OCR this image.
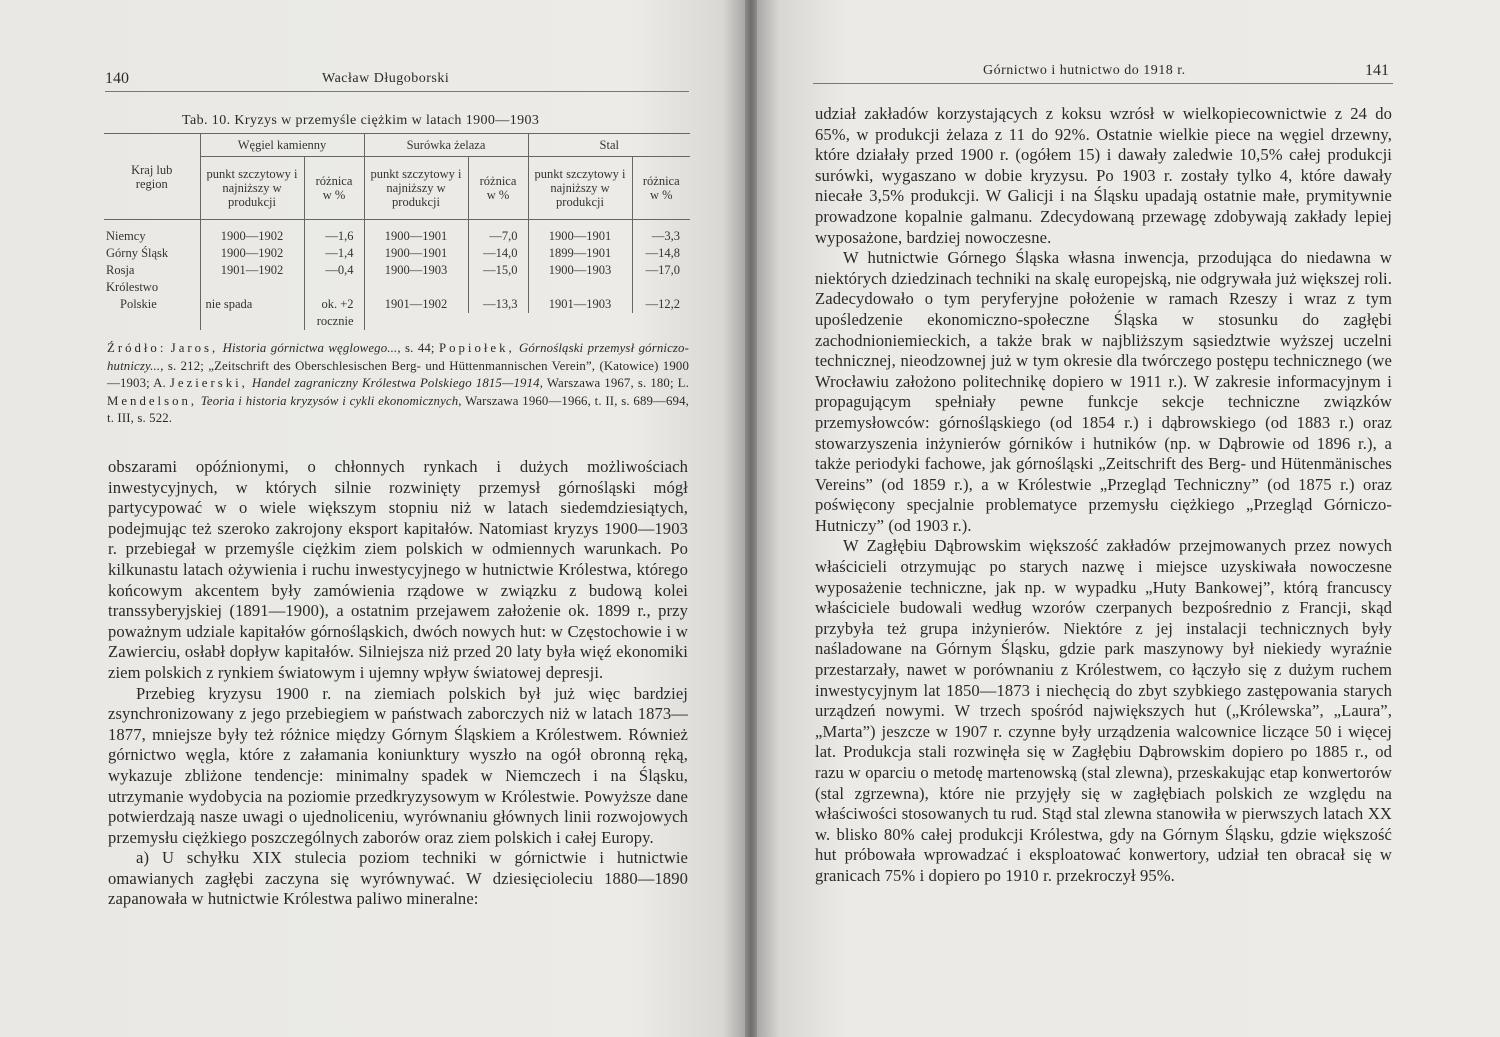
140	Wacław Długoborski
Tab. 10. Kryzys w przemyśle ciężkim w latach 1900—1903
Kraj lub region	Węgiel kamienny		Surówka żelaza		Stal	
	punkt szczytowy i najniższy w produkcji	różnica w %	punkt szczytowy i najniższy w produkcji	różnica w %	punkt szczytowy i najniższy w produkcji	różnica w %
Niemcy	1900—1902	—1,6	1900—1901	—7,0	1900—1901	—3,3
Górny Śląsk	1900—1902	—1,4	1900—1901	—14,0	1899—1901	—14,8
Rosja	1901—1902	—0,4	1900—1903	—15,0	1900—1903	—17,0
Królestwo						
Polskie	nie spada	ok. +2	1901—1902	—13,3	1901—1903	—12,2
		rocznie				
Źródło: Jaros, Historia górnictwa węglowego..., s. 44; Popiołek, Górnośląski przemysł górniczo-hutniczy..., s. 212; „Zeitschrift des Oberschlesischen Berg- und Hüttenmannischen Verein”, (Katowice) 1900—1903; A. Jezierski, Handel zagraniczny Królestwa Polskiego 1815—1914, Warszawa 1967, s. 180; L. Mendelson, Teoria i historia kryzysów i cykli ekonomicznych, Warszawa 1960—1966, t. II, s. 689—694, t. III, s. 522.

obszarami opóźnionymi, o chłonnych rynkach i dużych możliwościach inwestycyjnych, w których silnie rozwinięty przemysł górnośląski mógł partycypować w o wiele większym stopniu niż w latach siedemdziesiątych, podejmując też szeroko zakrojony eksport kapitałów. Natomiast kryzys 1900—1903 r. przebiegał w przemyśle ciężkim ziem polskich w odmiennych warunkach. Po kilkunastu latach ożywienia i ruchu inwestycyjnego w hutnictwie Królestwa, którego końcowym akcentem były zamówienia rządowe w związku z budową kolei transsyberyjskiej (1891—1900), a ostatnim przejawem założenie ok. 1899 r., przy poważnym udziale kapitałów górnośląskich, dwóch nowych hut: w Częstochowie i w Zawierciu, osłabł dopływ kapitałów. Silniejsza niż przed 20 laty była więź ekonomiki ziem polskich z rynkiem światowym i ujemny wpływ światowej depresji.

Przebieg kryzysu 1900 r. na ziemiach polskich był już więc bardziej zsynchronizowany z jego przebiegiem w państwach zaborczych niż w latach 1873—1877, mniejsze były też różnice między Górnym Śląskiem a Królestwem. Również górnictwo węgla, które z załamania koniunktury wyszło na ogół obronną ręką, wykazuje zbliżone tendencje: minimalny spadek w Niemczech i na Śląsku, utrzymanie wydobycia na poziomie przedkryzysowym w Królestwie. Powyższe dane potwierdzają nasze uwagi o ujednoliceniu, wyrównaniu głównych linii rozwojowych przemysłu ciężkiego poszczególnych zaborów oraz ziem polskich i całej Europy.

a) U schyłku XIX stulecia poziom techniki w górnictwie i hutnictwie omawianych zagłębi zaczyna się wyrównywać. W dziesięcioleciu 1880—1890 zapanowała w hutnictwie Królestwa paliwo mineralne:

Górnictwo i hutnictwo do 1918 r.	141

udział zakładów korzystających z koksu wzrósł w wielkopiecownictwie z 24 do 65%, w produkcji żelaza z 11 do 92%. Ostatnie wielkie piece na węgiel drzewny, które działały przed 1900 r. (ogółem 15) i dawały zaledwie 10,5% całej produkcji surówki, wygaszano w dobie kryzysu. Po 1903 r. zostały tylko 4, które dawały niecałe 3,5% produkcji. W Galicji i na Śląsku upadają ostatnie małe, prymitywnie prowadzone kopalnie galmanu. Zdecydowaną przewagę zdobywają zakłady lepiej wyposażone, bardziej nowoczesne.

W hutnictwie Górnego Śląska własna inwencja, przodująca do niedawna w niektórych dziedzinach techniki na skalę europejską, nie odgrywała już większej roli. Zadecydowało o tym peryferyjne położenie w ramach Rzeszy i wraz z tym upośledzenie ekonomiczno-społeczne Śląska w stosunku do zagłębi zachodnioniemieckich, a także brak w najbliższym sąsiedztwie wyższej uczelni technicznej, nieodzownej już w tym okresie dla twórczego postępu technicznego (we Wrocławiu założono politechnikę dopiero w 1911 r.). W zakresie informacyjnym i propagującym spełniały pewne funkcje sekcje techniczne związków przemysłowców: górnośląskiego (od 1854 r.) i dąbrowskiego (od 1883 r.) oraz stowarzyszenia inżynierów górników i hutników (np. w Dąbrowie od 1896 r.), a także periodyki fachowe, jak górnośląski „Zeitschrift des Berg- und Hütenmänisches Vereins” (od 1859 r.), a w Królestwie „Przegląd Techniczny” (od 1875 r.) oraz poświęcony specjalnie problematyce przemysłu ciężkiego „Przegląd Górniczo-Hutniczy” (od 1903 r.).

W Zagłębiu Dąbrowskim większość zakładów przejmowanych przez nowych właścicieli otrzymując po starych nazwę i miejsce uzyskiwała nowoczesne wyposażenie techniczne, jak np. w wypadku „Huty Bankowej”, którą francuscy właściciele budowali według wzorów czerpanych bezpośrednio z Francji, skąd przybyła też grupa inżynierów. Niektóre z jej instalacji technicznych były naśladowane na Górnym Śląsku, gdzie park maszynowy był niekiedy wyraźnie przestarzały, nawet w porównaniu z Królestwem, co łączyło się z dużym ruchem inwestycyjnym lat 1850—1873 i niechęcią do zbyt szybkiego zastępowania starych urządzeń nowymi. W trzech spośród największych hut („Królewska”, „Laura”, „Marta”) jeszcze w 1907 r. czynne były urządzenia walcownice liczące 50 i więcej lat. Produkcja stali rozwinęła się w Zagłębiu Dąbrowskim dopiero po 1885 r., od razu w oparciu o metodę martenowską (stal zlewna), przeskakując etap konwertorów (stal zgrzewna), które nie przyjęły się w zagłębiach polskich ze względu na właściwości stosowanych tu rud. Stąd stal zlewna stanowiła w pierwszych latach XX w. blisko 80% całej produkcji Królestwa, gdy na Górnym Śląsku, gdzie większość hut próbowała wprowadzać i eksploatować konwertory, udział ten obracał się w granicach 75% i dopiero po 1910 r. przekroczył 95%.
